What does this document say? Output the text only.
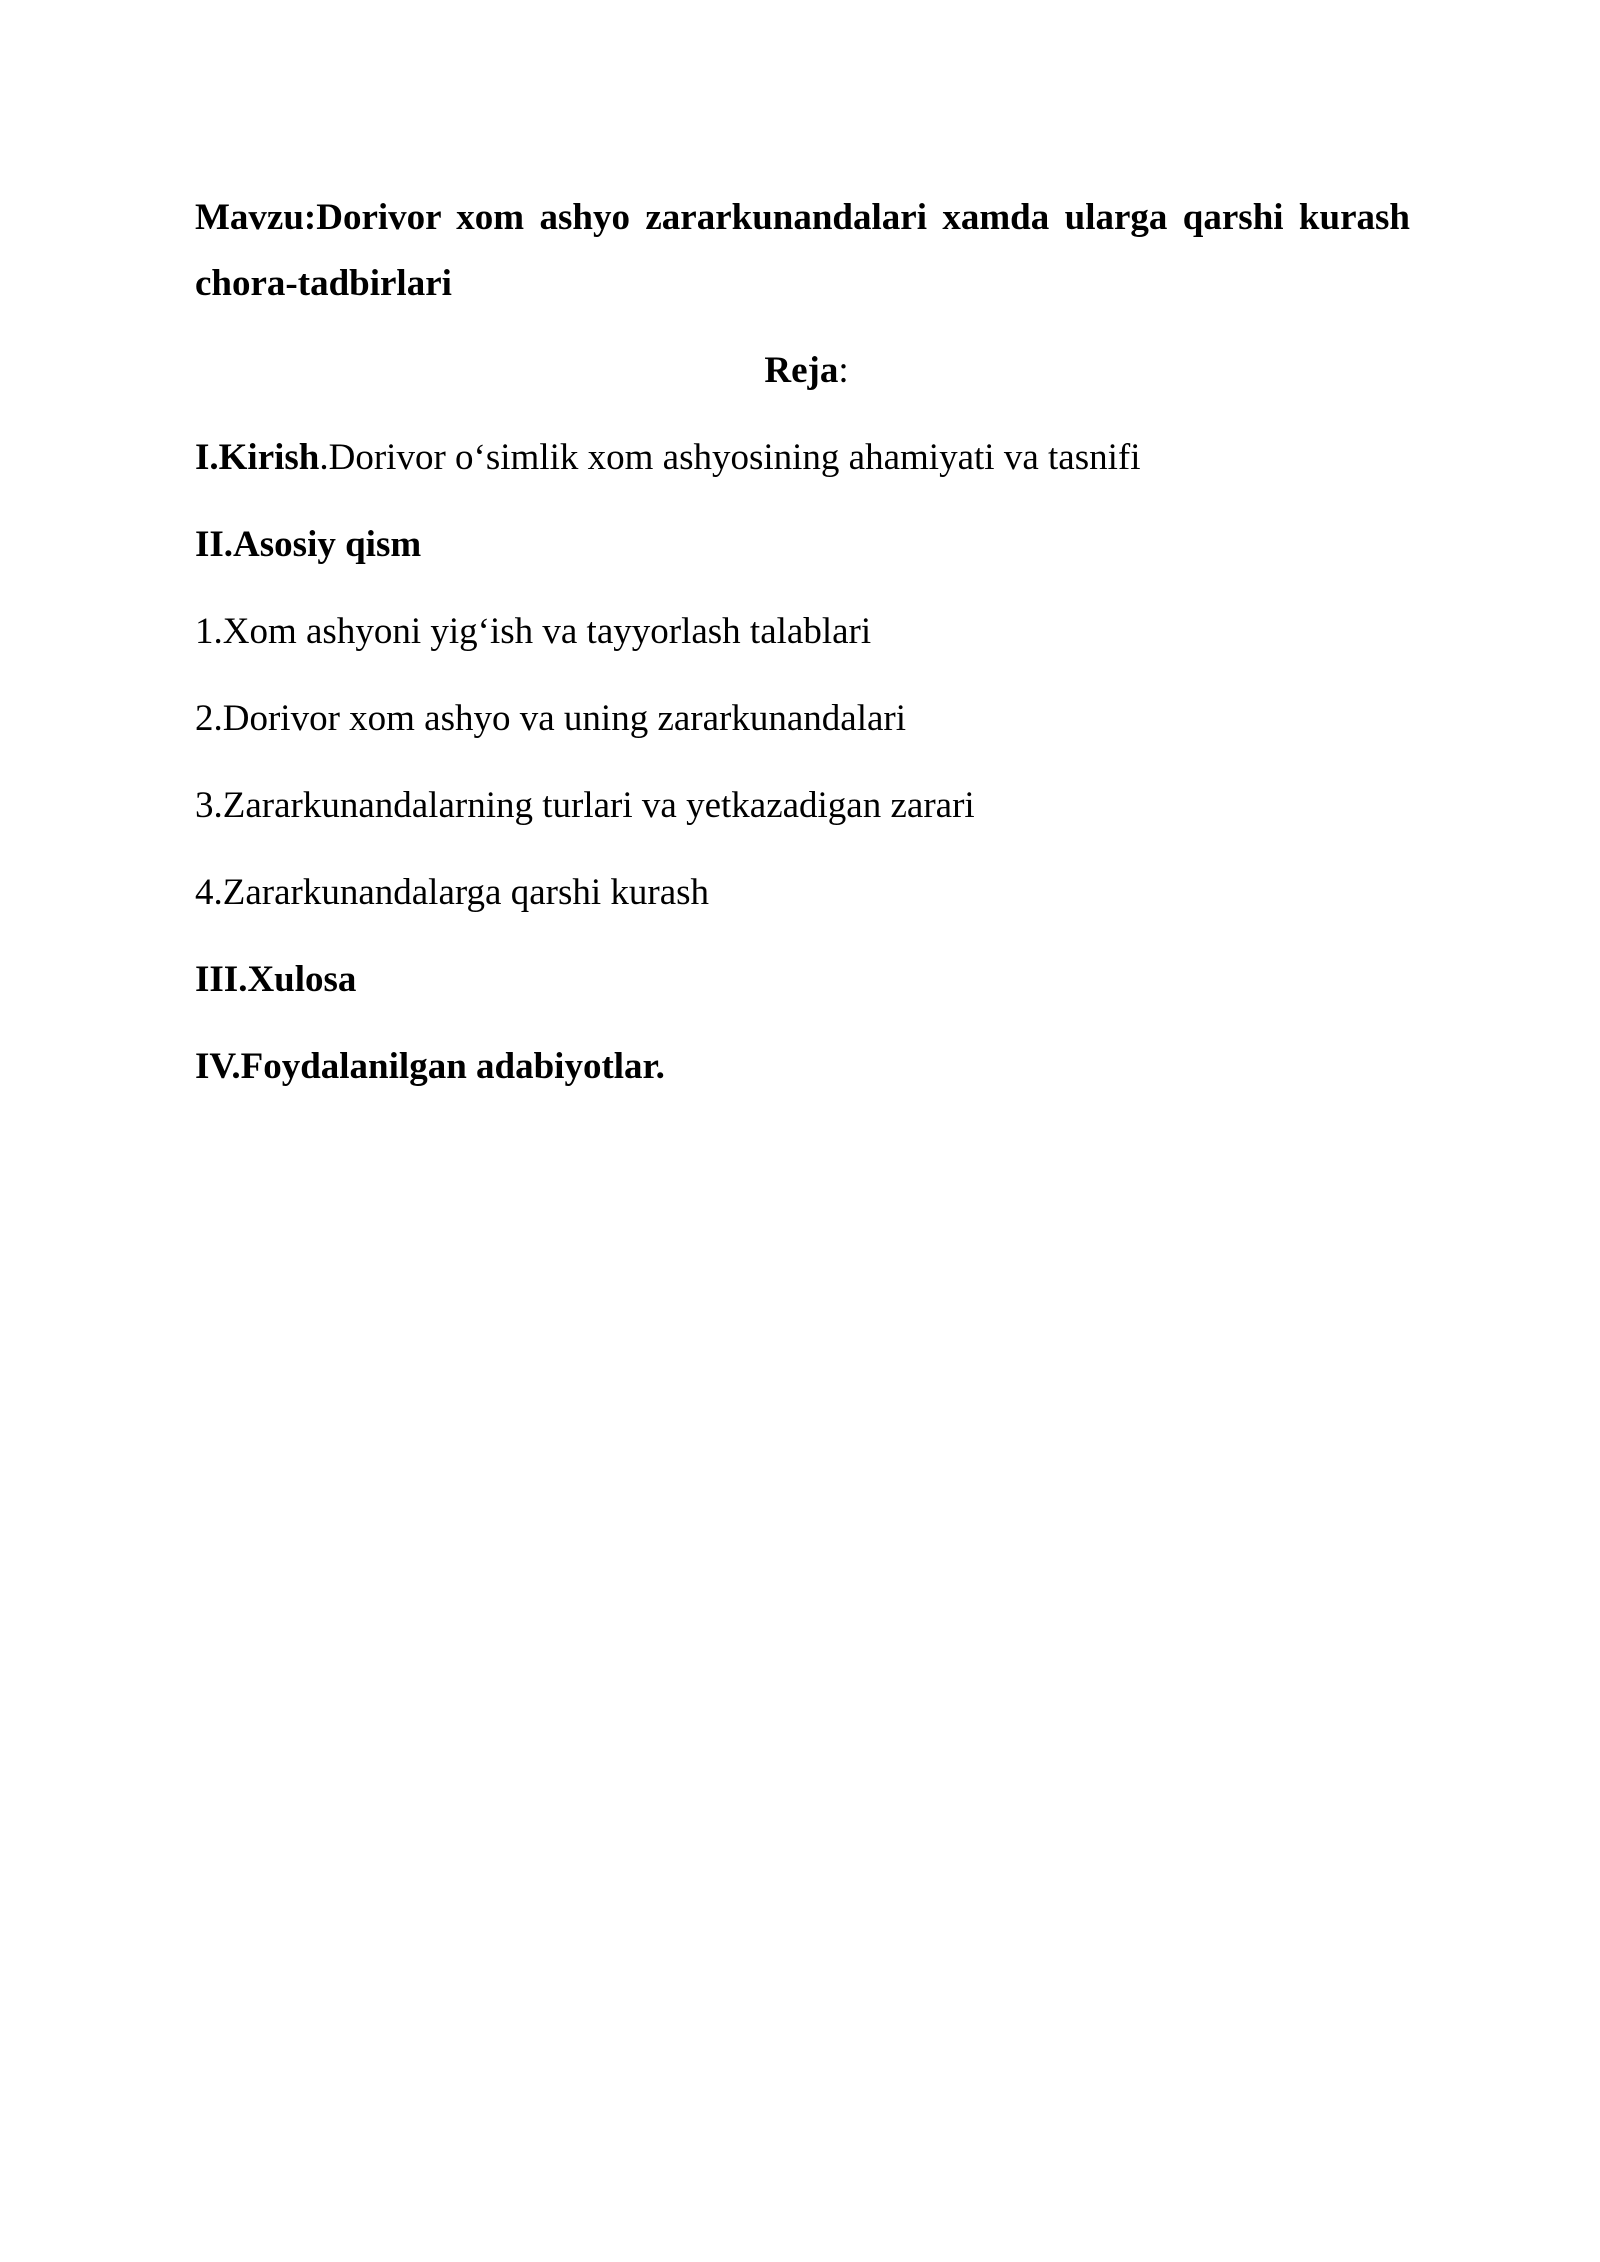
Mavzu:Dorivor xom ashyo zararkunandalari xamda ularga qarshi kurash chora-tadbirlari

Reja:

I.Kirish.Dorivor o‘simlik xom ashyosining ahamiyati va tasnifi

II.Asosiy qism

1.Xom ashyoni yig‘ish va tayyorlash talablari

2.Dorivor xom ashyo va uning zararkunandalari

3.Zararkunandalarning turlari va yetkazadigan zarari

4.Zararkunandalarga qarshi kurash

III.Xulosa

IV.Foydalanilgan adabiyotlar.
